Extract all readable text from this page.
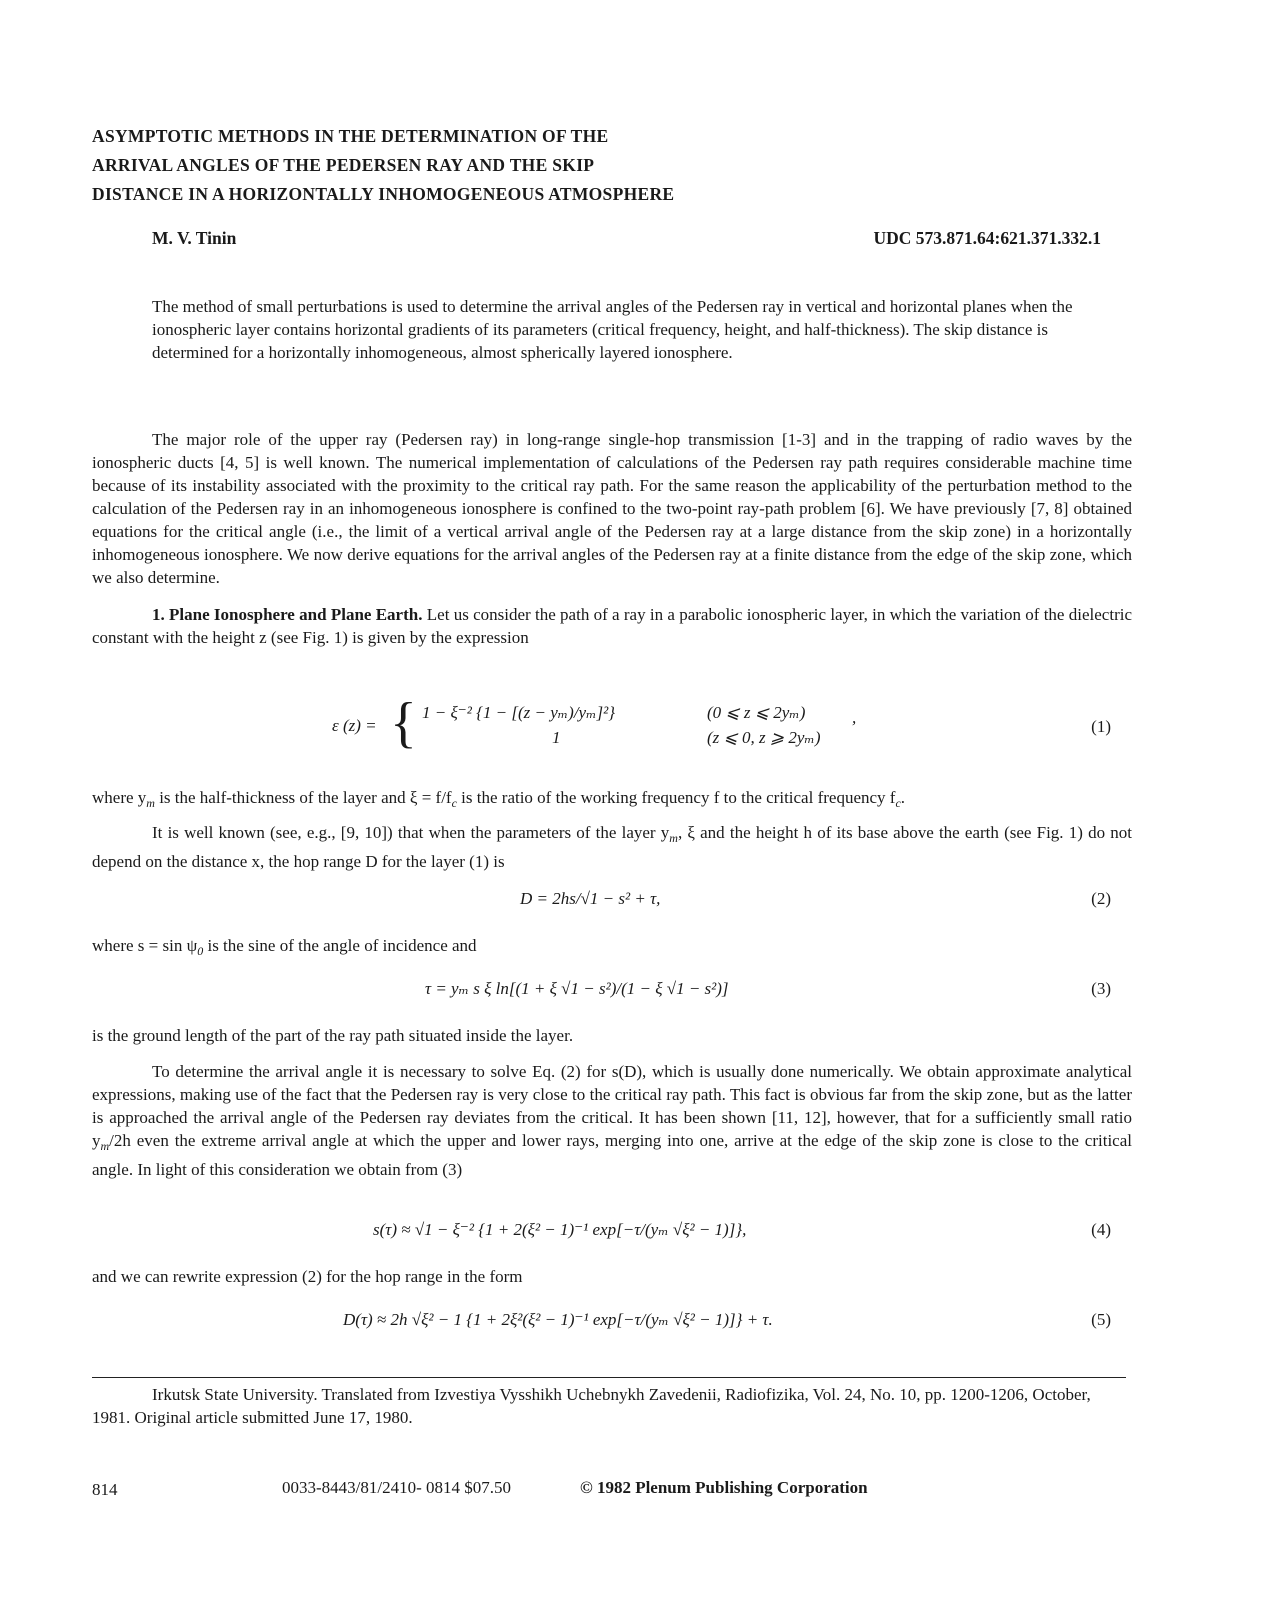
ASYMPTOTIC METHODS IN THE DETERMINATION OF THE
ARRIVAL ANGLES OF THE PEDERSEN RAY AND THE SKIP
DISTANCE IN A HORIZONTALLY INHOMOGENEOUS ATMOSPHERE
M. V. Tinin	UDC 573.871.64:621.371.332.1
The method of small perturbations is used to determine the arrival angles of the Pedersen ray in vertical and horizontal planes when the ionospheric layer contains horizontal gradients of its parameters (critical frequency, height, and half-thickness). The skip distance is determined for a horizontally inhomogeneous, almost spherically layered ionosphere.
The major role of the upper ray (Pedersen ray) in long-range single-hop transmission [1-3] and in the trapping of radio waves by the ionospheric ducts [4, 5] is well known. The numerical implementation of calculations of the Pedersen ray path requires considerable machine time because of its instability associated with the proximity to the critical ray path. For the same reason the applicability of the perturbation method to the calculation of the Pedersen ray in an inhomogeneous ionosphere is confined to the two-point ray-path problem [6]. We have previously [7, 8] obtained equations for the critical angle (i.e., the limit of a vertical arrival angle of the Pedersen ray at a large distance from the skip zone) in a horizontally inhomogeneous ionosphere. We now derive equations for the arrival angles of the Pedersen ray at a finite distance from the edge of the skip zone, which we also determine.
1. Plane Ionosphere and Plane Earth. Let us consider the path of a ray in a parabolic ionospheric layer, in which the variation of the dielectric constant with the height z (see Fig. 1) is given by the expression
ε (z) = { 1 − ξ⁻² {1 − [(z − yₘ)/yₘ]²}
1
(0 ⩽ z ⩽ 2yₘ)
(z ⩽ 0, z ⩾ 2yₘ)
,	(1)
where $y_m$ is the half-thickness of the layer and $\xi = f/f_c$ is the ratio of the working frequency f to the critical frequency $f_c$.
It is well known (see, e.g., [9, 10]) that when the parameters of the layer $y_m$, ξ and the height h of its base above the earth (see Fig. 1) do not depend on the distance x, the hop range D for the layer (1) is
D = 2hs/√1 − s² + τ,	(2)
where $s = \sin \psi_0$ is the sine of the angle of incidence and
τ = yₘ s ξ ln[(1 + ξ √1 − s²)/(1 − ξ √1 − s²)]	(3)
is the ground length of the part of the ray path situated inside the layer.
To determine the arrival angle it is necessary to solve Eq. (2) for s(D), which is usually done numerically. We obtain approximate analytical expressions, making use of the fact that the Pedersen ray is very close to the critical ray path. This fact is obvious far from the skip zone, but as the latter is approached the arrival angle of the Pedersen ray deviates from the critical. It has been shown [11, 12], however, that for a sufficiently small ratio $y_m/2h$ even the extreme arrival angle at which the upper and lower rays, merging into one, arrive at the edge of the skip zone is close to the critical angle. In light of this consideration we obtain from (3)
s(τ) ≈ √1 − ξ⁻² {1 + 2(ξ² − 1)⁻¹ exp[−τ/(yₘ √ξ² − 1)]},	(4)
and we can rewrite expression (2) for the hop range in the form
D(τ) ≈ 2h √ξ² − 1 {1 + 2ξ²(ξ² − 1)⁻¹ exp[−τ/(yₘ √ξ² − 1)]} + τ.	(5)
Irkutsk State University. Translated from Izvestiya Vysshikh Uchebnykh Zavedenii, Radiofizika, Vol. 24, No. 10, pp. 1200-1206, October, 1981. Original article submitted June 17, 1980.
814	0033-8443/81/2410- 0814 $07.50	© 1982 Plenum Publishing Corporation
